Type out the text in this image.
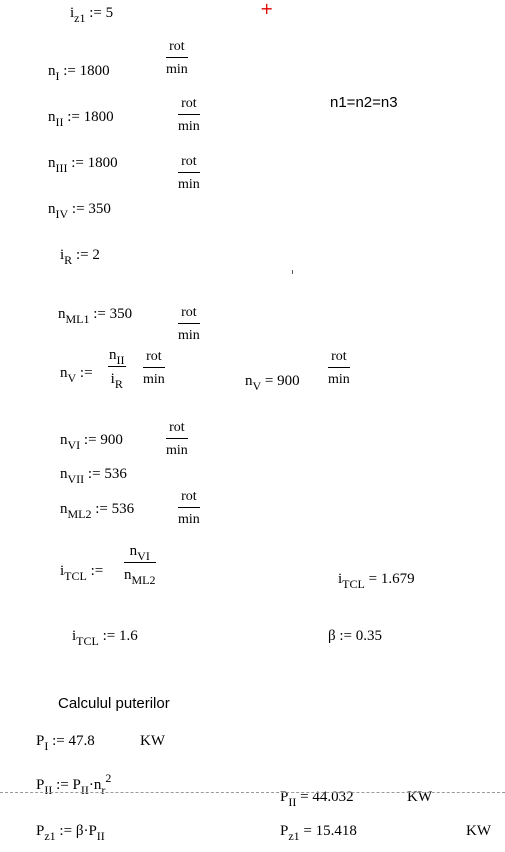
+
$i_{z1}$ := 5
$n_I$ := 1800
rot
min
$n_{II}$ := 1800
rot
min
n1=n2=n3
$n_{III}$ := 1800	rot
min
$n_{IV}$ := 350
$i_R$ := 2
$n_{ML1}$ := 350	rot
min
$n_V$ :=
$n_{II}$
$i_R$
rot
min	$n_V = 900$
rot
min
$n_{VI}$ := 900
rot
min
$n_{VII}$ := 536
$n_{ML2}$ := 536
rot
min
$i_{TCL}$ :=
$n_{VI}$
$n_{ML2}$	$i_{TCL} = 1.679$
$i_{TCL}$ := 1.6	β := 0.35
Calculul puterilor
$P_I$ := 47.8	KW
$P_{II}$ := $P_{II}\cdot n_r^2$
$P_{II} = 44.032$	KW
$P_{z1}$ := $\beta\cdot P_{II}$	$P_{z1} = 15.418$	KW
